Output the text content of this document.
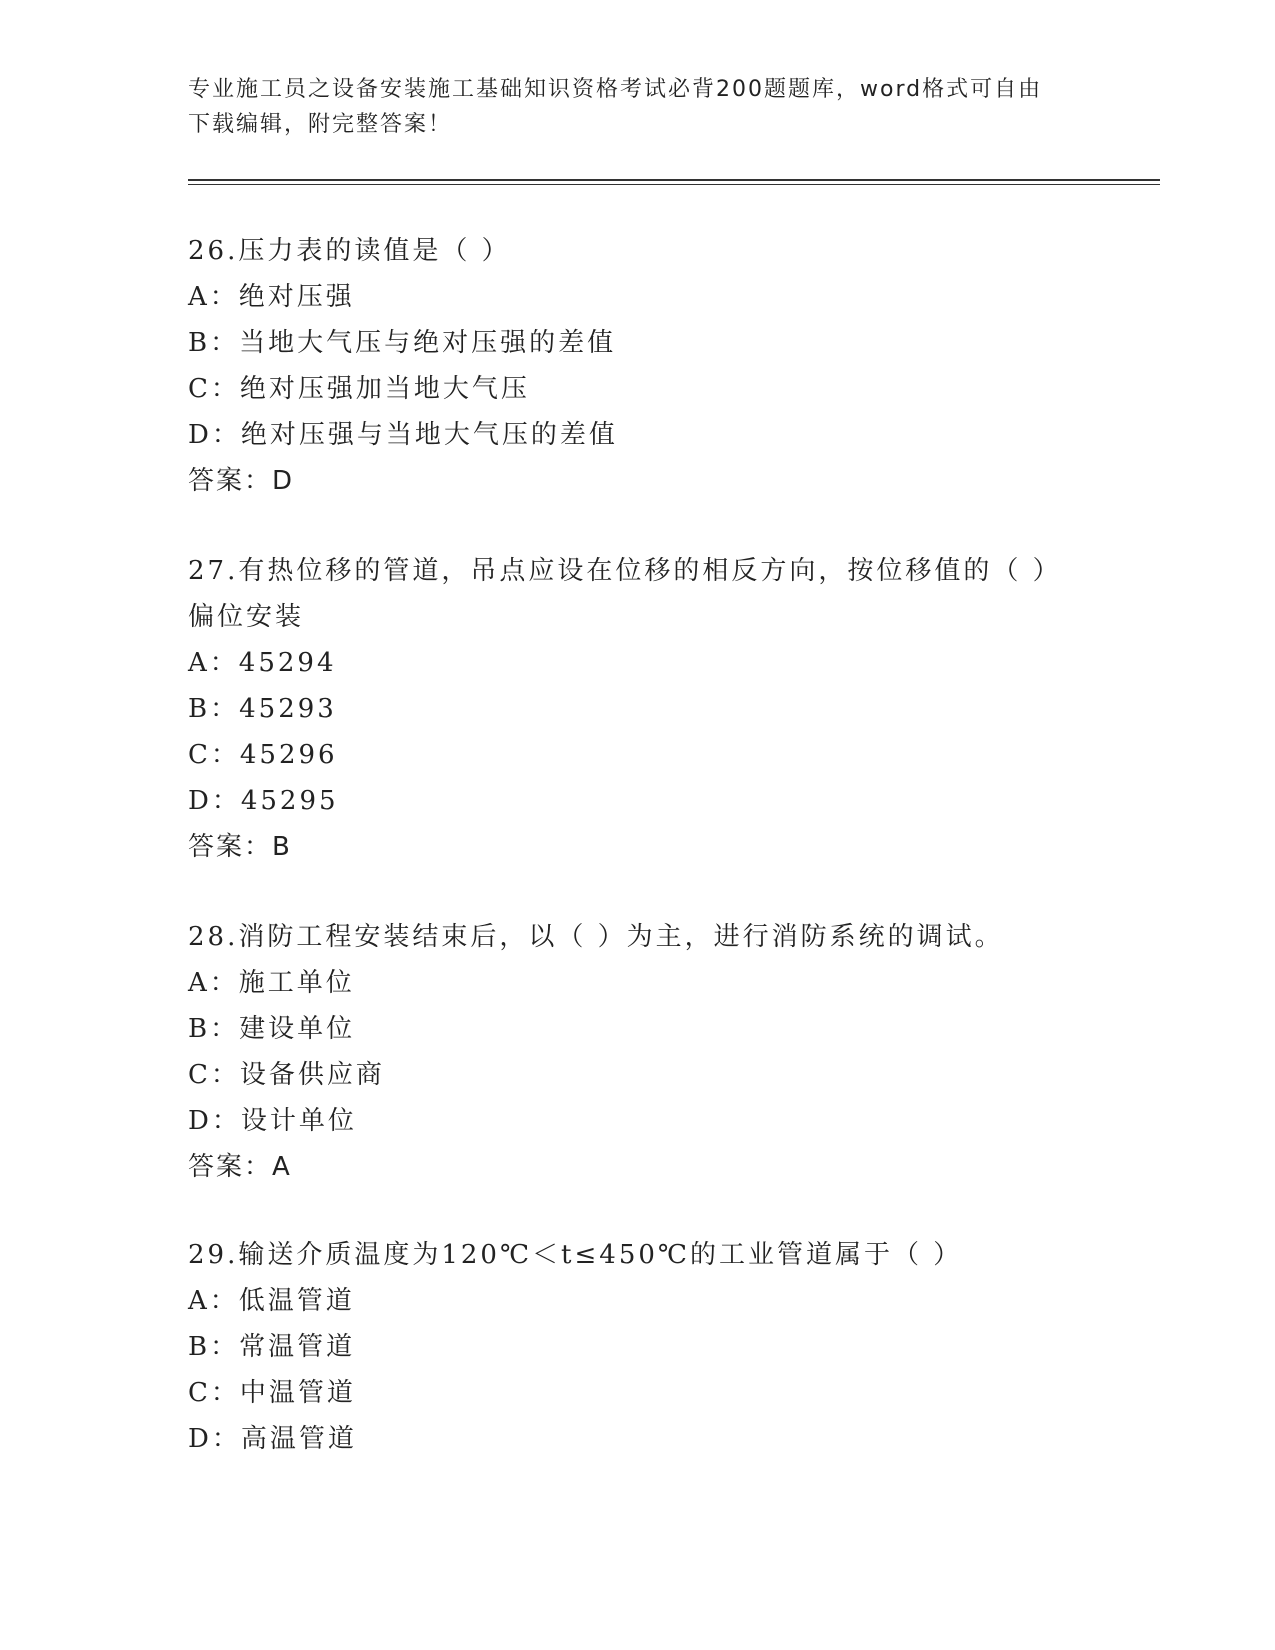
专业施工员之设备安装施工基础知识资格考试必背200题题库，word格式可自由
下载编辑，附完整答案！
26.压力表的读值是（ ）
A：绝对压强
B：当地大气压与绝对压强的差值
C：绝对压强加当地大气压
D：绝对压强与当地大气压的差值
答案：D
27.有热位移的管道，吊点应设在位移的相反方向，按位移值的（ ）
偏位安装
A：45294
B：45293
C：45296
D：45295
答案：B
28.消防工程安装结束后，以（ ）为主，进行消防系统的调试。
A：施工单位
B：建设单位
C：设备供应商
D：设计单位
答案：A
29.输送介质温度为120℃＜t≤450℃的工业管道属于（ ）
A：低温管道
B：常温管道
C：中温管道
D：高温管道
